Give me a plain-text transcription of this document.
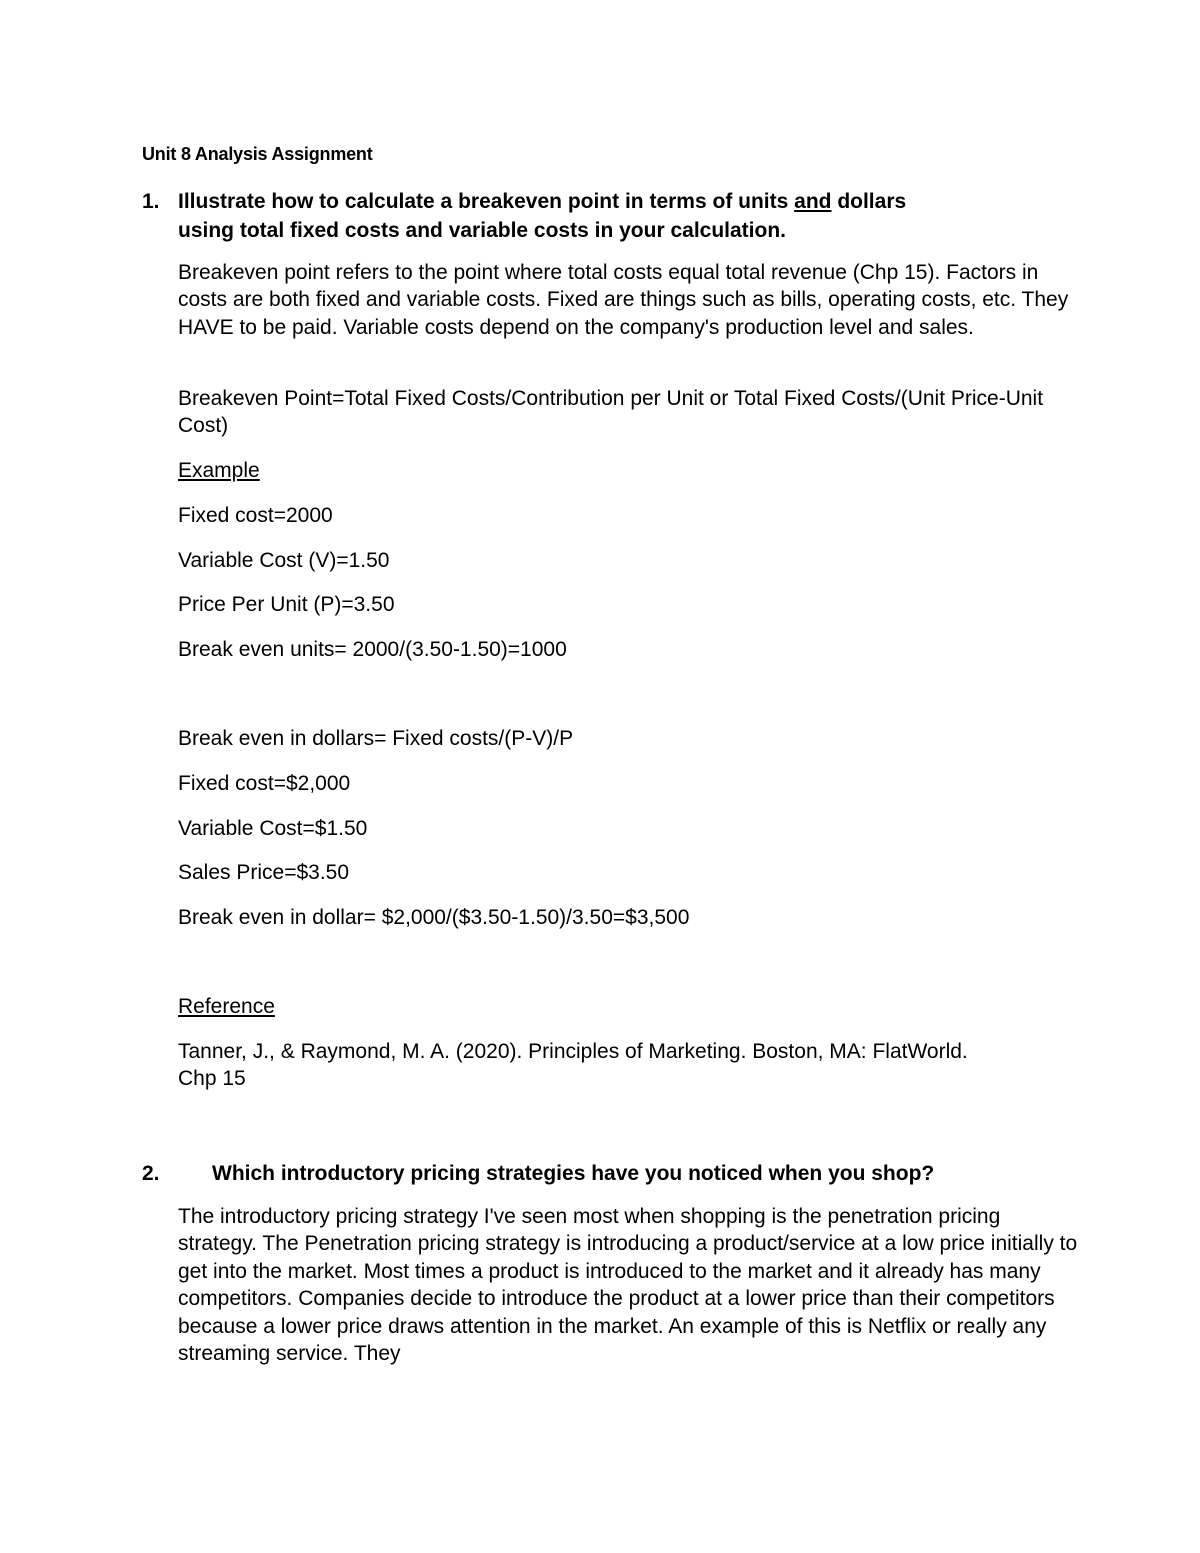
Unit 8 Analysis Assignment
1. Illustrate how to calculate a breakeven point in terms of units and dollars
using total fixed costs and variable costs in your calculation.
Breakeven point refers to the point where total costs equal total revenue (Chp 15). Factors in costs are both fixed and variable costs. Fixed are things such as bills, operating costs, etc. They HAVE to be paid. Variable costs depend on the company's production level and sales.
Breakeven Point=Total Fixed Costs/Contribution per Unit or Total Fixed Costs/(Unit Price-Unit Cost)
Example
Fixed cost=2000
Variable Cost (V)=1.50
Price Per Unit (P)=3.50
Break even units= 2000/(3.50-1.50)=1000
Break even in dollars= Fixed costs/(P-V)/P
Fixed cost=$2,000
Variable Cost=$1.50
Sales Price=$3.50
Break even in dollar= $2,000/($3.50-1.50)/3.50=$3,500
Reference
Tanner, J., & Raymond, M. A. (2020). Principles of Marketing. Boston, MA: FlatWorld. Chp 15
2. Which introductory pricing strategies have you noticed when you shop?
The introductory pricing strategy I've seen most when shopping is the penetration pricing strategy. The Penetration pricing strategy is introducing a product/service at a low price initially to get into the market. Most times a product is introduced to the market and it already has many competitors. Companies decide to introduce the product at a lower price than their competitors because a lower price draws attention in the market. An example of this is Netflix or really any streaming service. They
